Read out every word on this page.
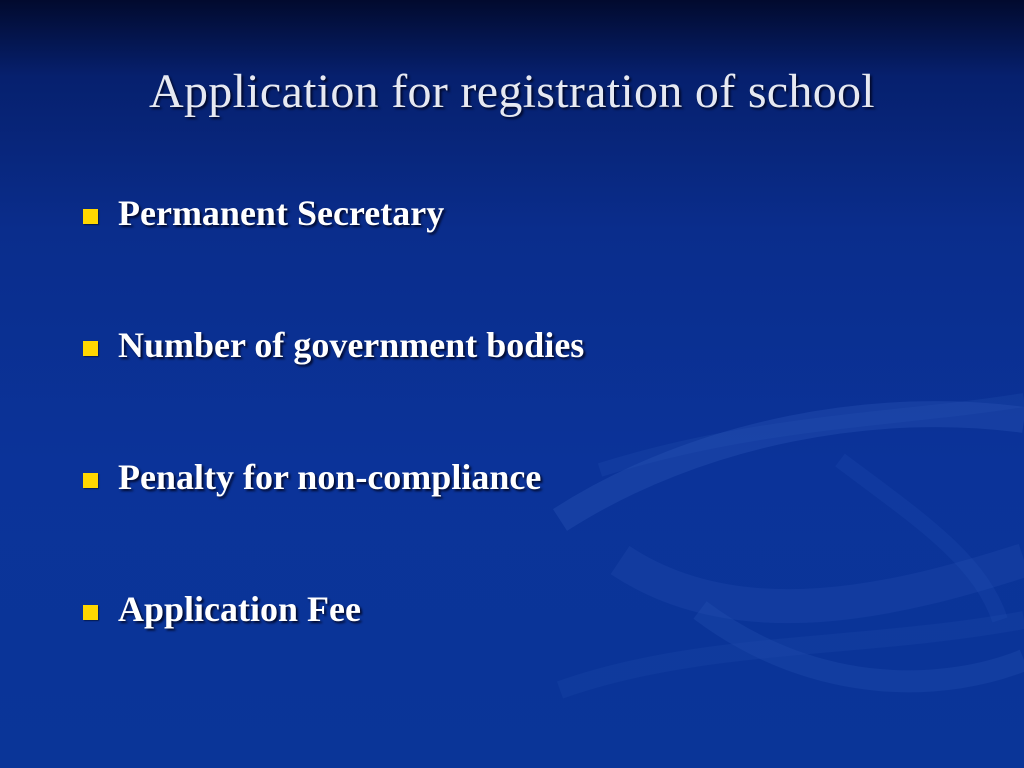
Application for registration of school
Permanent Secretary
Number of government bodies
Penalty for non-compliance
Application Fee
